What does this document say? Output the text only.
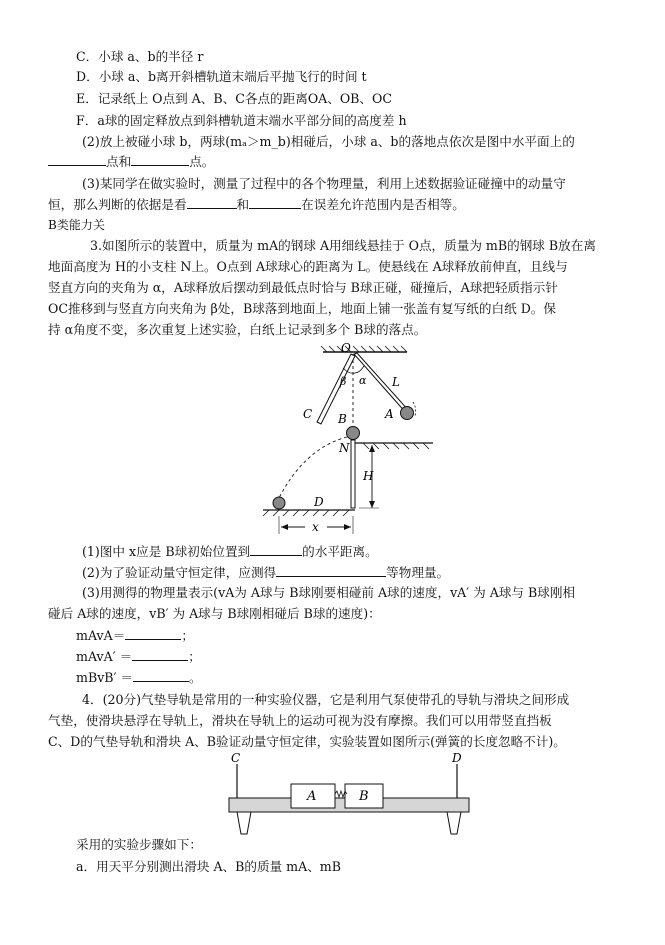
C．小球 a、b的半径 r
D．小球 a、b离开斜槽轨道末端后平抛飞行的时间 t
E．记录纸上 O点到 A、B、C各点的距离OA、OB、OC
F．a球的固定释放点到斜槽轨道末端水平部分间的高度差 h
(2)放上被碰小球 b，两球(mₐ＞m_b)相碰后，小球 a、b的落地点依次是图中水平面上的
点和	点。
(3)某同学在做实验时，测量了过程中的各个物理量，利用上述数据验证碰撞中的动量守
恒，那么判断的依据是看	和	在误差允许范围内是否相等。
B类能力关
3.如图所示的装置中，质量为 mA的钢球 A用细线悬挂于 O点，质量为 mB的钢球 B放在离
地面高度为 H的小支柱 N上。O点到 A球球心的距离为 L。使悬线在 A球释放前伸直，且线与
竖直方向的夹角为 α，A球释放后摆动到最低点时恰与 B球正碰，碰撞后，A球把轻质指示针
OC推移到与竖直方向夹角为 β处，B球落到地面上，地面上铺一张盖有复写纸的白纸 D。保
持 α角度不变，多次重复上述实验，白纸上记录到多个 B球的落点。
O
L
β α
C B	A
N
H
D
x
(1)图中 x应是 B球初始位置到	的水平距离。
(2)为了验证动量守恒定律，应测得	等物理量。
(3)用测得的物理量表示(vA为 A球与 B球刚要相碰前 A球的速度，vA′ 为 A球与 B球刚相
碰后 A球的速度，vB′ 为 A球与 B球刚相碰后 B球的速度)：
mAvA＝	；
mAvA′ ＝	；
mBvB′ ＝	。
4．(20分)气垫导轨是常用的一种实验仪器，它是利用气泵使带孔的导轨与滑块之间形成
气垫，使滑块悬浮在导轨上，滑块在导轨上的运动可视为没有摩擦。我们可以用带竖直挡板
C、D的气垫导轨和滑块 A、B验证动量守恒定律，实验装置如图所示(弹簧的长度忽略不计)。
C	D
A	B
采用的实验步骤如下：
a．用天平分别测出滑块 A、B的质量 mA、mB
